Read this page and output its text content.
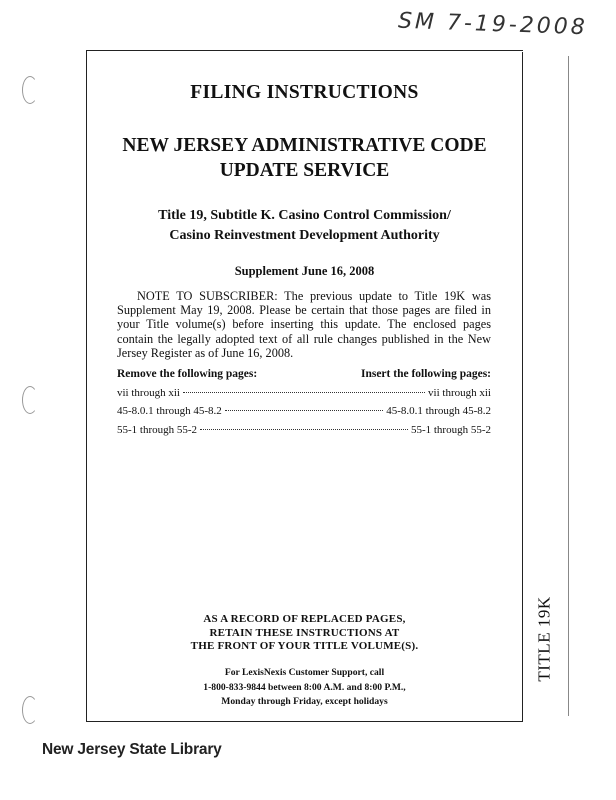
SM 7-19-2008
FILING INSTRUCTIONS
NEW JERSEY ADMINISTRATIVE CODE
UPDATE SERVICE
Title 19, Subtitle K. Casino Control Commission/
Casino Reinvestment Development Authority
Supplement June 16, 2008
NOTE TO SUBSCRIBER: The previous update to Title 19K was Supplement May 19, 2008. Please be certain that those pages are filed in your Title volume(s) before inserting this update. The enclosed pages contain the legally adopted text of all rule changes published in the New Jersey Register as of June 16, 2008.
Remove the following pages:	Insert the following pages:
vii through xii	vii through xii
45-8.0.1 through 45-8.2	45-8.0.1 through 45-8.2
55-1 through 55-2	55-1 through 55-2
AS A RECORD OF REPLACED PAGES,
RETAIN THESE INSTRUCTIONS AT
THE FRONT OF YOUR TITLE VOLUME(S).
For LexisNexis Customer Support, call
1-800-833-9844 between 8:00 A.M. and 8:00 P.M.,
Monday through Friday, except holidays
TITLE 19K
New Jersey State Library
